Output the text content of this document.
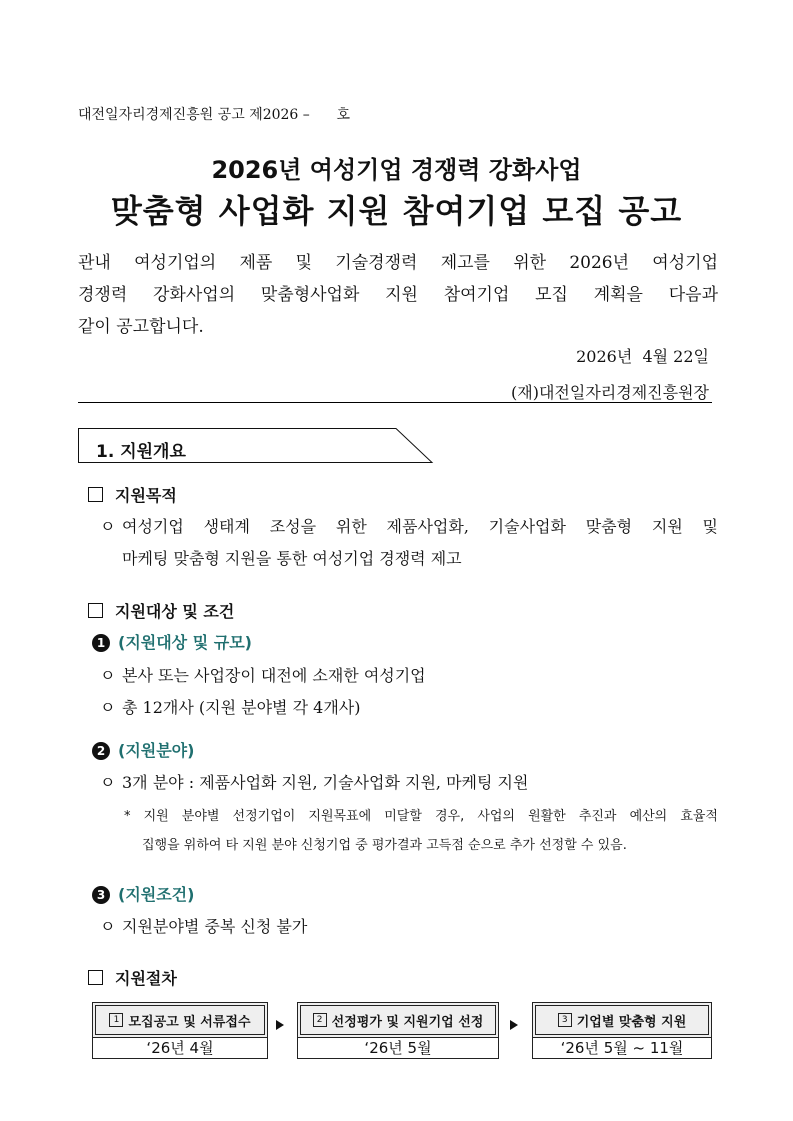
대전일자리경제진흥원 공고 제2026 –      호
2026년 여성기업 경쟁력 강화사업
맞춤형 사업화 지원 참여기업 모집 공고
관내 여성기업의 제품 및 기술경쟁력 제고를 위한 2026년 여성기업
경쟁력 강화사업의 맞춤형사업화 지원 참여기업 모집 계획을 다음과
같이 공고합니다.
2026년  4월 22일
(재)대전일자리경제진흥원장
1. 지원개요
지원목적
ㅇ 여성기업 생태계 조성을 위한 제품사업화, 기술사업화 맞춤형 지원 및
마케팅 맞춤형 지원을 통한 여성기업 경쟁력 제고
지원대상 및 조건
1 (지원대상 및 규모)
ㅇ 본사 또는 사업장이 대전에 소재한 여성기업
ㅇ 총 12개사 (지원 분야별 각 4개사)
2 (지원분야)
ㅇ 3개 분야 : 제품사업화 지원, 기술사업화 지원, 마케팅 지원
* 지원 분야별 선정기업이 지원목표에 미달할 경우, 사업의 원활한 추진과 예산의 효율적
집행을 위하여 타 지원 분야 신청기업 중 평가결과 고득점 순으로 추가 선정할 수 있음.
3 (지원조건)
ㅇ 지원분야별 중복 신청 불가
지원절차
1 모집공고 및 서류접수
‘26년 4월
2 선정평가 및 지원기업 선정
‘26년 5월
3 기업별 맞춤형 지원
‘26년 5월 ~ 11월
